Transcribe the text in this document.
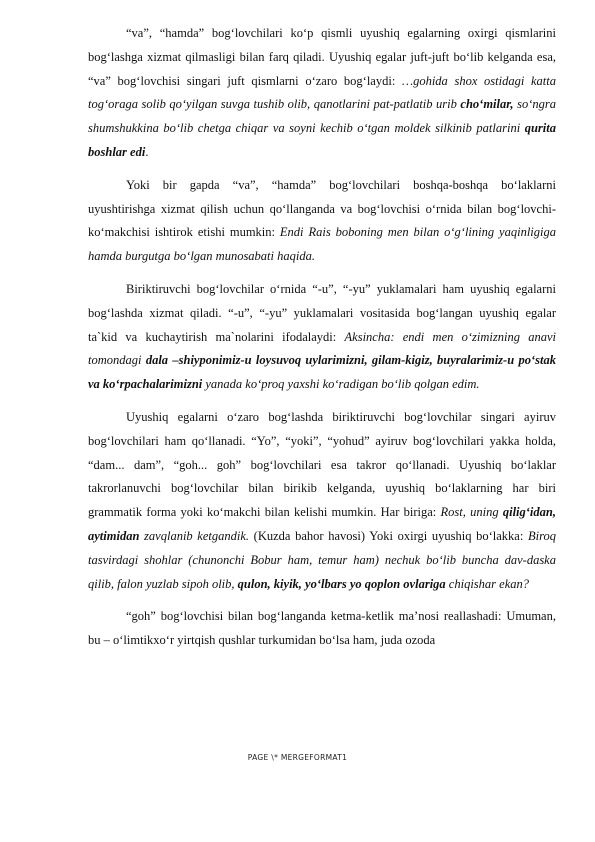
“va”, “hamda” bog‘lovchilari ko‘p qismli uyushiq egalarning oxirgi qismlarini bog‘lashga xizmat qilmasligi bilan farq qiladi. Uyushiq egalar juft-juft bo‘lib kelganda esa, “va” bog‘lovchisi singari juft qismlarni o‘zaro bog‘laydi: …gohida shox ostidagi katta tog‘oraga solib qo‘yilgan suvga tushib olib, qanotlarini pat-patlatib urib cho‘milar, so‘ngra shumshukkina bo‘lib chetga chiqar va soyni kechib o‘tgan moldek silkinib patlarini qurita boshlar edi.

Yoki bir gapda “va”, “hamda” bog‘lovchilari boshqa-boshqa bo‘laklarni uyushtirishga xizmat qilish uchun qo‘llanganda va bog‘lovchisi o‘rnida bilan bog‘lovchi-ko‘makchisi ishtirok etishi mumkin: Endi Rais boboning men bilan o‘g‘lining yaqinligiga hamda burgutga bo‘lgan munosabati haqida.

Biriktiruvchi bog‘lovchilar o‘rnida “-u”, “-yu” yuklamalari ham uyushiq egalarni bog‘lashda xizmat qiladi. “-u”, “-yu” yuklamalari vositasida bog‘langan uyushiq egalar ta`kid va kuchaytirish ma`nolarini ifodalaydi: Aksincha: endi men o‘zimizning anavi tomondagi dala –shiyponimiz-u loysuvoq uylarimizni, gilam-kigiz, buyralarimiz-u po‘stak va ko‘rpachalarimizni yanada ko‘proq yaxshi ko‘radigan bo‘lib qolgan edim.

Uyushiq egalarni o‘zaro bog‘lashda biriktiruvchi bog‘lovchilar singari ayiruv bog‘lovchilari ham qo‘llanadi. “Yo”, “yoki”, “yohud” ayiruv bog‘lovchilari yakka holda, “dam... dam”, “goh... goh” bog‘lovchilari esa takror qo‘llanadi. Uyushiq bo‘laklar takrorlanuvchi bog‘lovchilar bilan birikib kelganda, uyushiq bo‘laklarning har biri grammatik forma yoki ko‘makchi bilan kelishi mumkin. Har biriga: Rost, uning qilig‘idan, aytimidan zavqlanib ketgandik. (Kuzda bahor havosi) Yoki oxirgi uyushiq bo‘lakka: Biroq tasvirdagi shohlar (chunonchi Bobur ham, temur ham) nechuk bo‘lib buncha dav-daska qilib, falon yuzlab sipoh olib, qulon, kiyik, yo‘lbars yo qoplon ovlariga chiqishar ekan?

“goh” bog‘lovchisi bilan bog‘langanda ketma-ketlik ma’nosi reallashadi: Umuman, bu – o‘limtikxo‘r yirtqish qushlar turkumidan bo‘lsa ham, juda ozoda

PAGE \* MERGEFORMAT1
